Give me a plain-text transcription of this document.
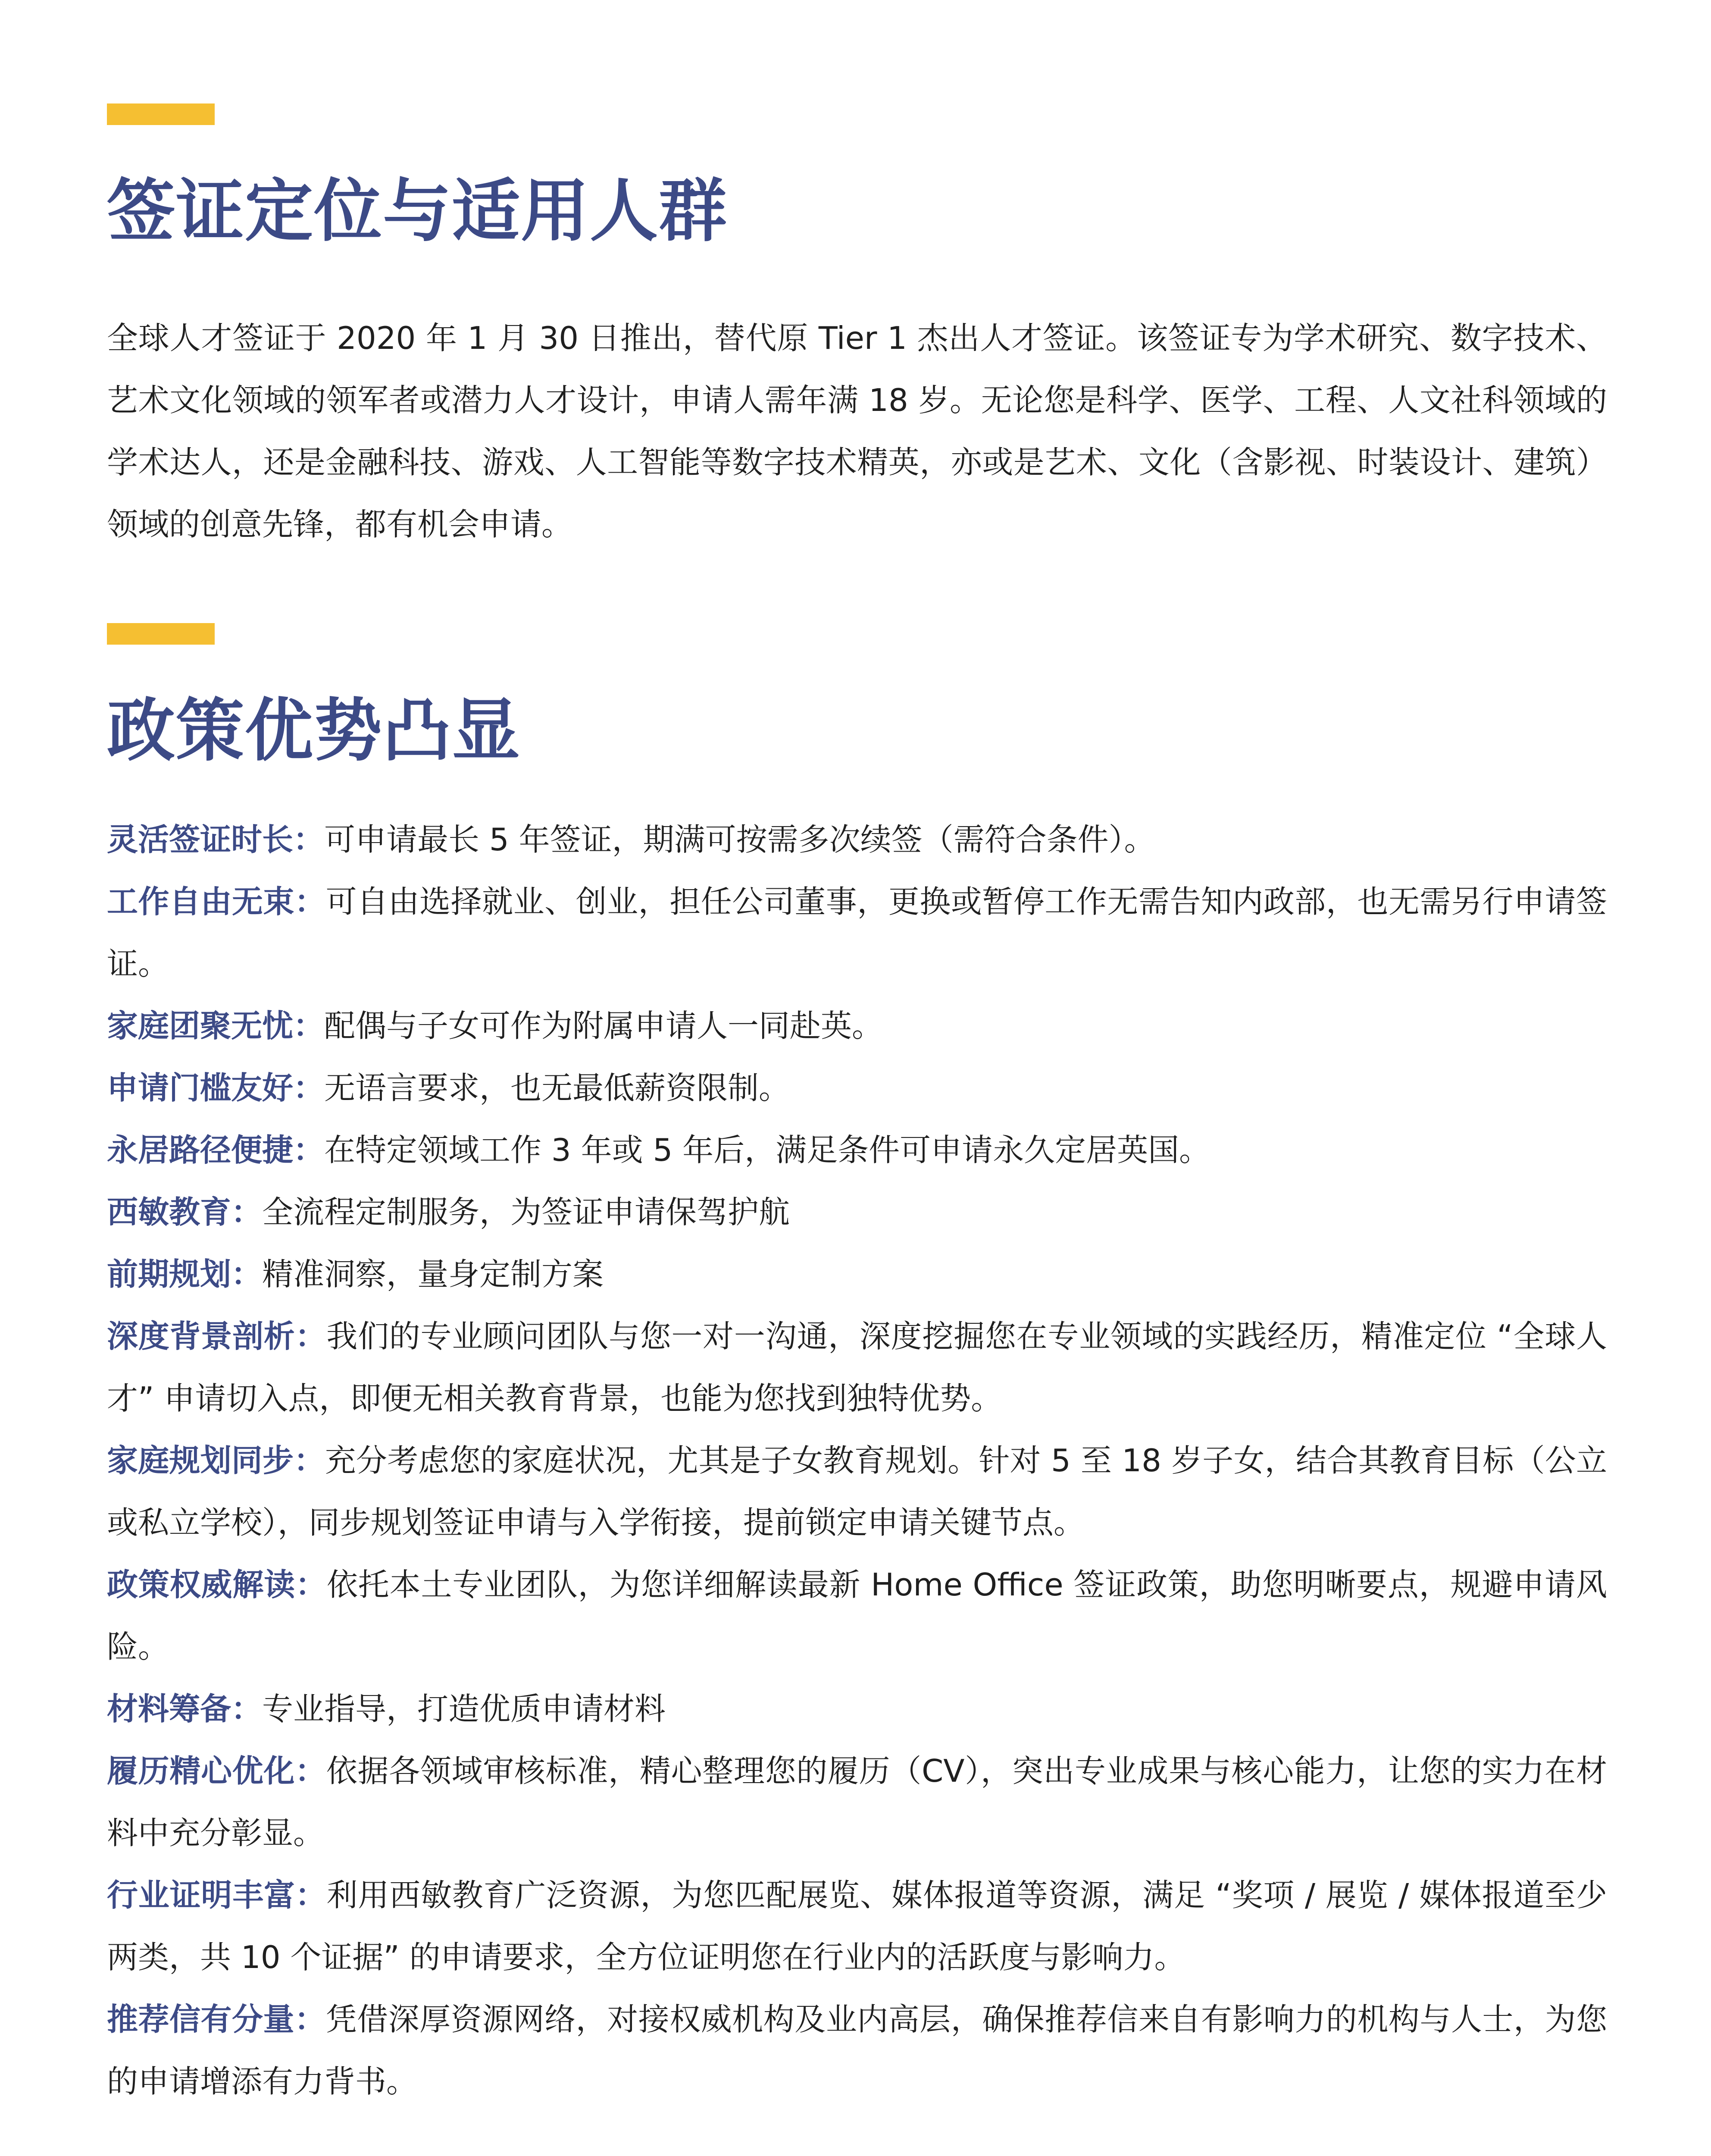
签证定位与适用人群

全球人才签证于 2020 年 1 月 30 日推出，替代原 Tier 1 杰出人才签证。该签证专为学术研究、数字技术、艺术文化领域的领军者或潜力人才设计，申请人需年满 18 岁。无论您是科学、医学、工程、人文社科领域的学术达人，还是金融科技、游戏、人工智能等数字技术精英，亦或是艺术、文化（含影视、时装设计、建筑）领域的创意先锋，都有机会申请。

政策优势凸显

灵活签证时长：可申请最长 5 年签证，期满可按需多次续签（需符合条件）。

工作自由无束：可自由选择就业、创业，担任公司董事，更换或暂停工作无需告知内政部，也无需另行申请签证。

家庭团聚无忧：配偶与子女可作为附属申请人一同赴英。

申请门槛友好：无语言要求，也无最低薪资限制。

永居路径便捷：在特定领域工作 3 年或 5 年后，满足条件可申请永久定居英国。

西敏教育：全流程定制服务，为签证申请保驾护航

前期规划：精准洞察，量身定制方案

深度背景剖析：我们的专业顾问团队与您一对一沟通，深度挖掘您在专业领域的实践经历，精准定位 “全球人才” 申请切入点，即便无相关教育背景，也能为您找到独特优势。

家庭规划同步：充分考虑您的家庭状况，尤其是子女教育规划。针对 5 至 18 岁子女，结合其教育目标（公立或私立学校），同步规划签证申请与入学衔接，提前锁定申请关键节点。

政策权威解读：依托本土专业团队，为您详细解读最新 Home Office 签证政策，助您明晰要点，规避申请风险。

材料筹备：专业指导，打造优质申请材料

履历精心优化：依据各领域审核标准，精心整理您的履历（CV），突出专业成果与核心能力，让您的实力在材料中充分彰显。

行业证明丰富：利用西敏教育广泛资源，为您匹配展览、媒体报道等资源，满足 “奖项 / 展览 / 媒体报道至少两类，共 10 个证据” 的申请要求，全方位证明您在行业内的活跃度与影响力。

推荐信有分量：凭借深厚资源网络，对接权威机构及业内高层，确保推荐信来自有影响力的机构与人士，为您的申请增添有力背书。
